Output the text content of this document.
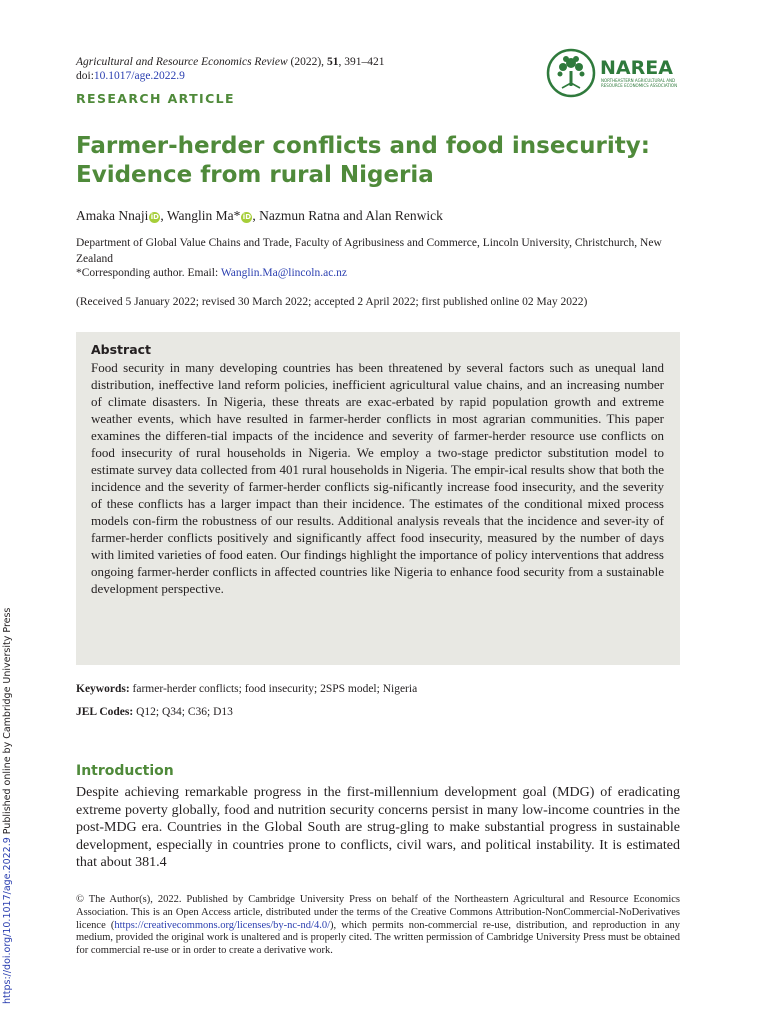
Agricultural and Resource Economics Review (2022), 51, 391–421
doi:10.1017/age.2022.9
RESEARCH ARTICLE
NAREA
NORTHEASTERN AGRICULTURAL AND
RESOURCE ECONOMICS ASSOCIATION
Farmer-herder conflicts and food insecurity: Evidence from rural Nigeria
Amaka Nnaji iD, Wanglin Ma* iD, Nazmun Ratna and Alan Renwick
Department of Global Value Chains and Trade, Faculty of Agribusiness and Commerce, Lincoln University, Christchurch, New Zealand
*Corresponding author. Email: Wanglin.Ma@lincoln.ac.nz
(Received 5 January 2022; revised 30 March 2022; accepted 2 April 2022; first published online 02 May 2022)
Abstract

Food security in many developing countries has been threatened by several factors such as unequal land distribution, ineffective land reform policies, inefficient agricultural value chains, and an increasing number of climate disasters. In Nigeria, these threats are exac-erbated by rapid population growth and extreme weather events, which have resulted in farmer-herder conflicts in most agrarian communities. This paper examines the differen-tial impacts of the incidence and severity of farmer-herder resource use conflicts on food insecurity of rural households in Nigeria. We employ a two-stage predictor substitution model to estimate survey data collected from 401 rural households in Nigeria. The empir-ical results show that both the incidence and the severity of farmer-herder conflicts sig-nificantly increase food insecurity, and the severity of these conflicts has a larger impact than their incidence. The estimates of the conditional mixed process models con-firm the robustness of our results. Additional analysis reveals that the incidence and sever-ity of farmer-herder conflicts positively and significantly affect food insecurity, measured by the number of days with limited varieties of food eaten. Our findings highlight the importance of policy interventions that address ongoing farmer-herder conflicts in affected countries like Nigeria to enhance food security from a sustainable development perspective.

Keywords: farmer-herder conflicts; food insecurity; 2SPS model; Nigeria
JEL Codes: Q12; Q34; C36; D13
Introduction

Despite achieving remarkable progress in the first-millennium development goal (MDG) of eradicating extreme poverty globally, food and nutrition security concerns persist in many low-income countries in the post-MDG era. Countries in the Global South are strug-gling to make substantial progress in sustainable development, especially in countries prone to conflicts, civil wars, and political instability. It is estimated that about 381.4

© The Author(s), 2022. Published by Cambridge University Press on behalf of the Northeastern Agricultural and Resource Economics Association. This is an Open Access article, distributed under the terms of the Creative Commons Attribution-NonCommercial-NoDerivatives licence (https://creativecommons.org/licenses/by-nc-nd/4.0/), which permits non-commercial re-use, distribution, and reproduction in any medium, provided the original work is unaltered and is properly cited. The written permission of Cambridge University Press must be obtained for commercial re-use or in order to create a derivative work.

https://doi.org/10.1017/age.2022.9 Published online by Cambridge University Press
